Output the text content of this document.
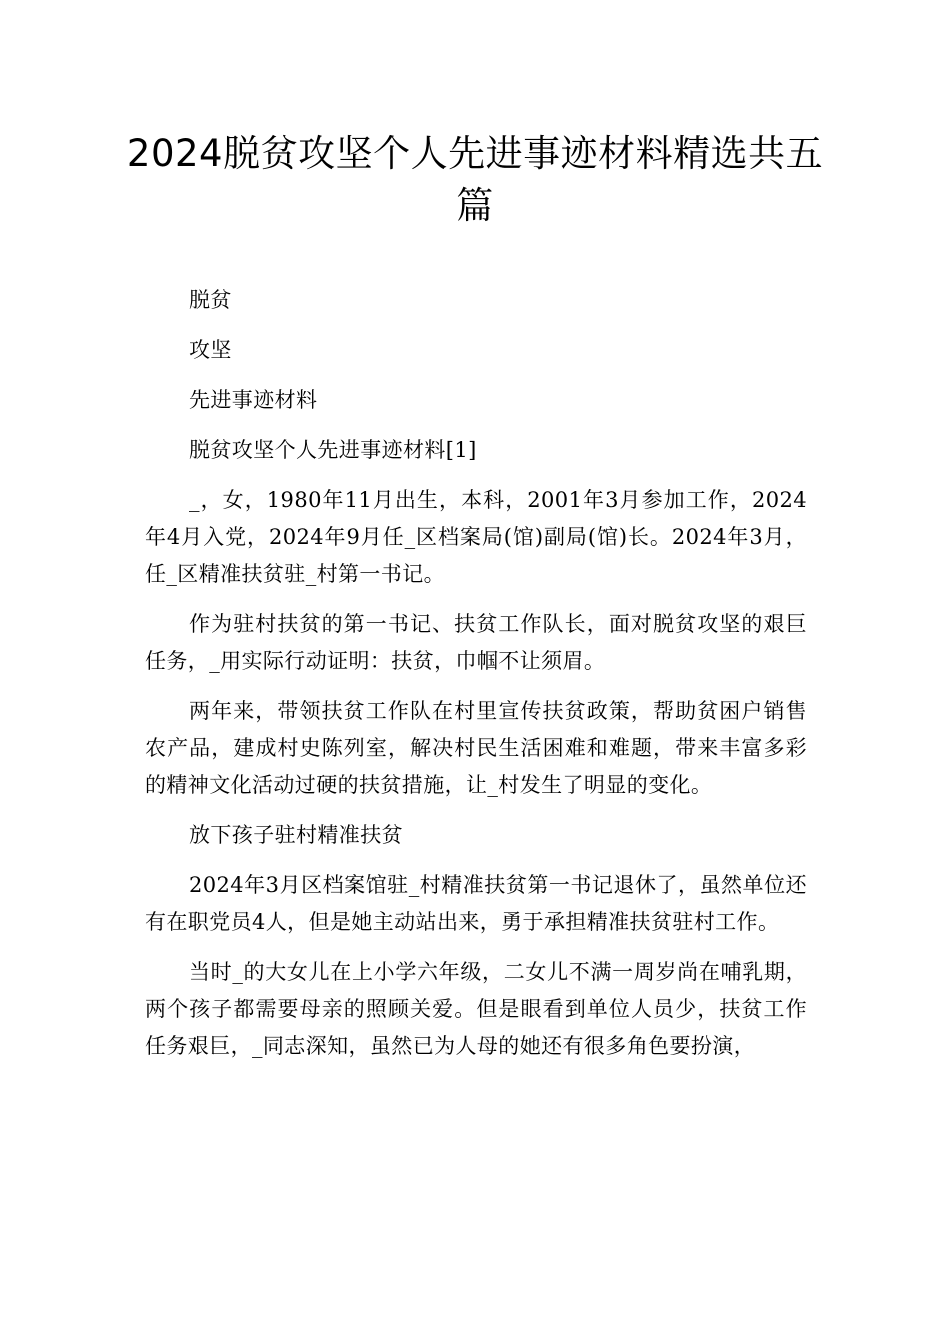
2024脱贫攻坚个人先进事迹材料精选共五篇

脱贫

攻坚

先进事迹材料

脱贫攻坚个人先进事迹材料[1]

_，女，1980年11月出生，本科，2001年3月参加工作，2024年4月入党，2024年9月任_区档案局(馆)副局(馆)长。2024年3月，任_区精准扶贫驻_村第一书记。

作为驻村扶贫的第一书记、扶贫工作队长，面对脱贫攻坚的艰巨任务，_用实际行动证明：扶贫，巾帼不让须眉。

两年来，带领扶贫工作队在村里宣传扶贫政策，帮助贫困户销售农产品，建成村史陈列室，解决村民生活困难和难题，带来丰富多彩的精神文化活动过硬的扶贫措施，让_村发生了明显的变化。

放下孩子驻村精准扶贫

2024年3月区档案馆驻_村精准扶贫第一书记退休了，虽然单位还有在职党员4人，但是她主动站出来，勇于承担精准扶贫驻村工作。

当时_的大女儿在上小学六年级，二女儿不满一周岁尚在哺乳期，两个孩子都需要母亲的照顾关爱。但是眼看到单位人员少，扶贫工作任务艰巨，_同志深知，虽然已为人母的她还有很多角色要扮演，
